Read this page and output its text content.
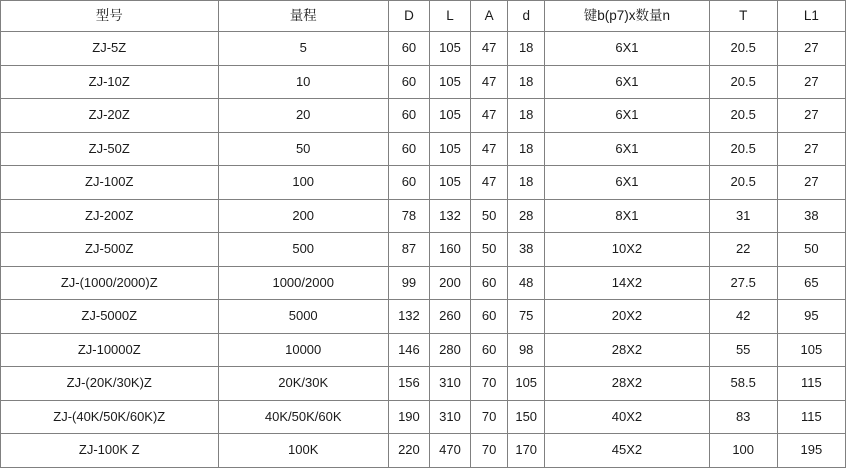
型号	量程	D	L	A	d	键b(p7)x数量n	T	L1
ZJ-5Z	5	60	105	47	18	6X1	20.5	27
ZJ-10Z	10	60	105	47	18	6X1	20.5	27
ZJ-20Z	20	60	105	47	18	6X1	20.5	27
ZJ-50Z	50	60	105	47	18	6X1	20.5	27
ZJ-100Z	100	60	105	47	18	6X1	20.5	27
ZJ-200Z	200	78	132	50	28	8X1	31	38
ZJ-500Z	500	87	160	50	38	10X2	22	50
ZJ-(1000/2000)Z	1000/2000	99	200	60	48	14X2	27.5	65
ZJ-5000Z	5000	132	260	60	75	20X2	42	95
ZJ-10000Z	10000	146	280	60	98	28X2	55	105
ZJ-(20K/30K)Z	20K/30K	156	310	70	105	28X2	58.5	115
ZJ-(40K/50K/60K)Z	40K/50K/60K	190	310	70	150	40X2	83	115
ZJ-100K Z	100K	220	470	70	170	45X2	100	195
